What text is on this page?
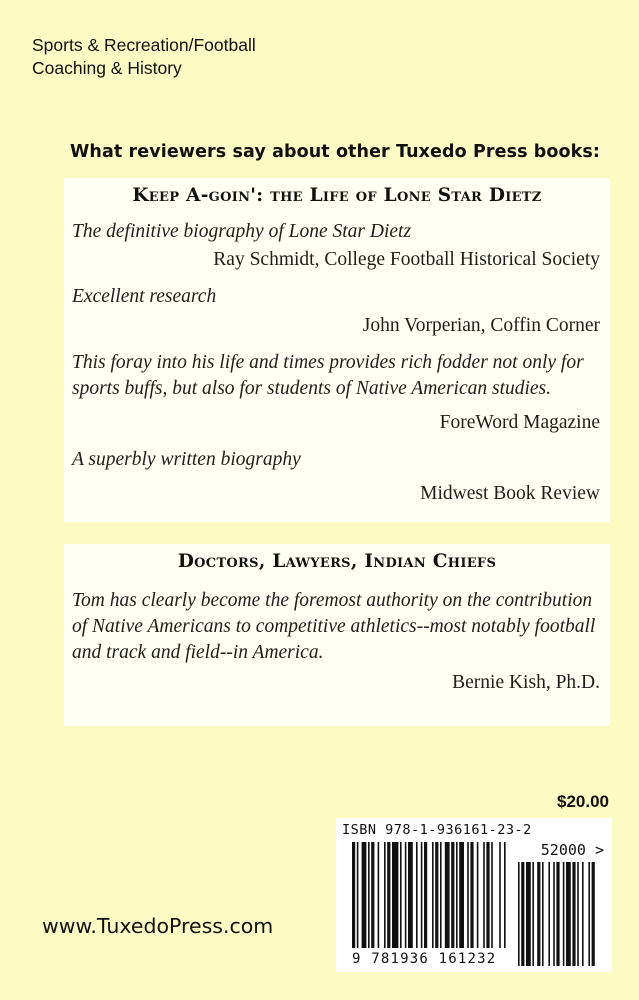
Sports & Recreation/Football
Coaching & History
What reviewers say about other Tuxedo Press books:
Keep A-goin': the Life of Lone Star Dietz
The definitive biography of Lone Star Dietz
Ray Schmidt, College Football Historical Society
Excellent research
John Vorperian, Coffin Corner
This foray into his life and times provides rich fodder not only for sports buffs, but also for students of Native American studies.
ForeWord Magazine
A superbly written biography
Midwest Book Review
Doctors, Lawyers, Indian Chiefs
Tom has clearly become the foremost authority on the contribution of Native Americans to competitive athletics--most notably football and track and field--in America.
Bernie Kish, Ph.D.
$20.00
ISBN 978-1-936161-23-2
52000 >
9 781936 161232
www.TuxedoPress.com
